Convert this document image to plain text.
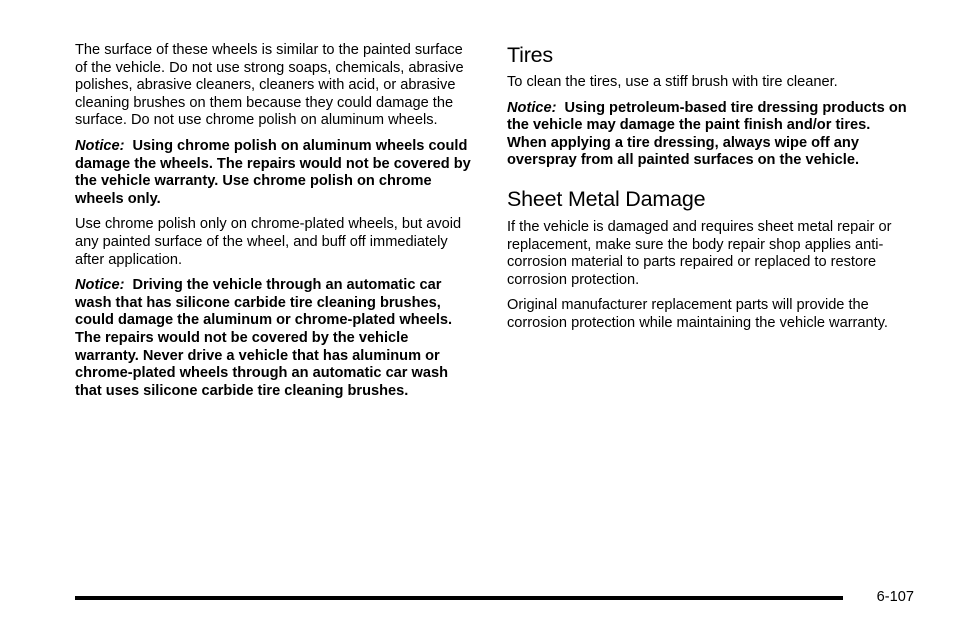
The surface of these wheels is similar to the painted surface of the vehicle. Do not use strong soaps, chemicals, abrasive polishes, abrasive cleaners, cleaners with acid, or abrasive cleaning brushes on them because they could damage the surface. Do not use chrome polish on aluminum wheels.

Notice: Using chrome polish on aluminum wheels could damage the wheels. The repairs would not be covered by the vehicle warranty. Use chrome polish on chrome wheels only.

Use chrome polish only on chrome-plated wheels, but avoid any painted surface of the wheel, and buff off immediately after application.

Notice: Driving the vehicle through an automatic car wash that has silicone carbide tire cleaning brushes, could damage the aluminum or chrome-plated wheels. The repairs would not be covered by the vehicle warranty. Never drive a vehicle that has aluminum or chrome-plated wheels through an automatic car wash that uses silicone carbide tire cleaning brushes.

Tires

To clean the tires, use a stiff brush with tire cleaner.

Notice: Using petroleum-based tire dressing products on the vehicle may damage the paint finish and/or tires. When applying a tire dressing, always wipe off any overspray from all painted surfaces on the vehicle.

Sheet Metal Damage

If the vehicle is damaged and requires sheet metal repair or replacement, make sure the body repair shop applies anti-corrosion material to parts repaired or replaced to restore corrosion protection.

Original manufacturer replacement parts will provide the corrosion protection while maintaining the vehicle warranty.

6-107
